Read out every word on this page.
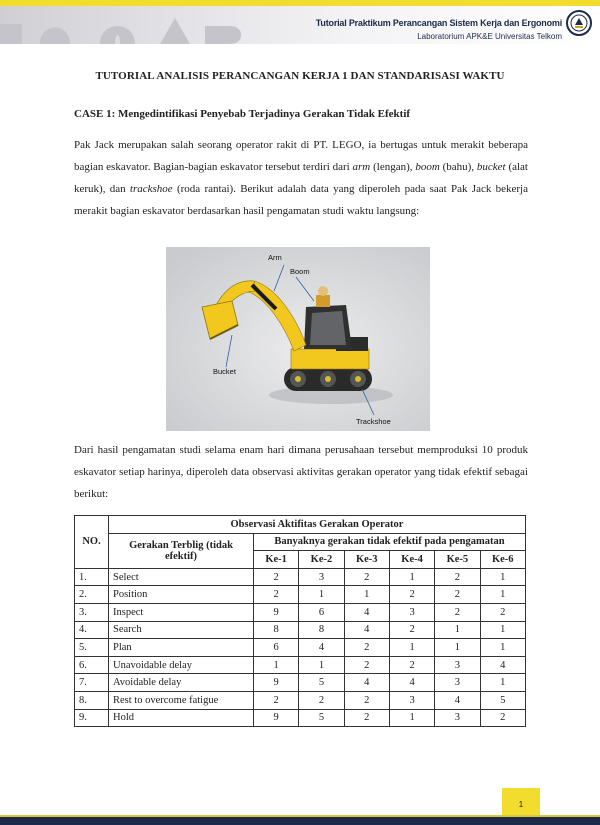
Tutorial Praktikum Perancangan Sistem Kerja dan Ergonomi
Laboratorium APK&E Universitas Telkom
TUTORIAL ANALISIS PERANCANGAN KERJA 1 DAN STANDARISASI WAKTU
CASE 1: Mengedintifikasi Penyebab Terjadinya Gerakan Tidak Efektif
Pak Jack merupakan salah seorang operator rakit di PT. LEGO, ia bertugas untuk merakit beberapa bagian eskavator. Bagian-bagian eskavator tersebut terdiri dari arm (lengan), boom (bahu), bucket (alat keruk), dan trackshoe (roda rantai). Berikut adalah data yang diperoleh pada saat Pak Jack bekerja merakit bagian eskavator berdasarkan hasil pengamatan studi waktu langsung:
Arm
Boom
Bucket
Trackshoe
Dari hasil pengamatan studi selama enam hari dimana perusahaan tersebut memproduksi 10 produk eskavator setiap harinya, diperoleh data observasi aktivitas gerakan operator yang tidak efektif sebagai berikut:
NO.	Observasi Aktifitas Gerakan Operator						
	Gerakan Terblig (tidak efektif)	Banyaknya gerakan tidak efektif pada pengamatan					
		Ke-1	Ke-2	Ke-3	Ke-4	Ke-5	Ke-6
1.	Select	2	3	2	1	2	1
2.	Position	2	1	1	2	2	1
3.	Inspect	9	6	4	3	2	2
4.	Search	8	8	4	2	1	1
5.	Plan	6	4	2	1	1	1
6.	Unavoidable delay	1	1	2	2	3	4
7.	Avoidable delay	9	5	4	4	3	1
8.	Rest to overcome fatigue	2	2	2	3	4	5
9.	Hold	9	5	2	1	3	2
1
